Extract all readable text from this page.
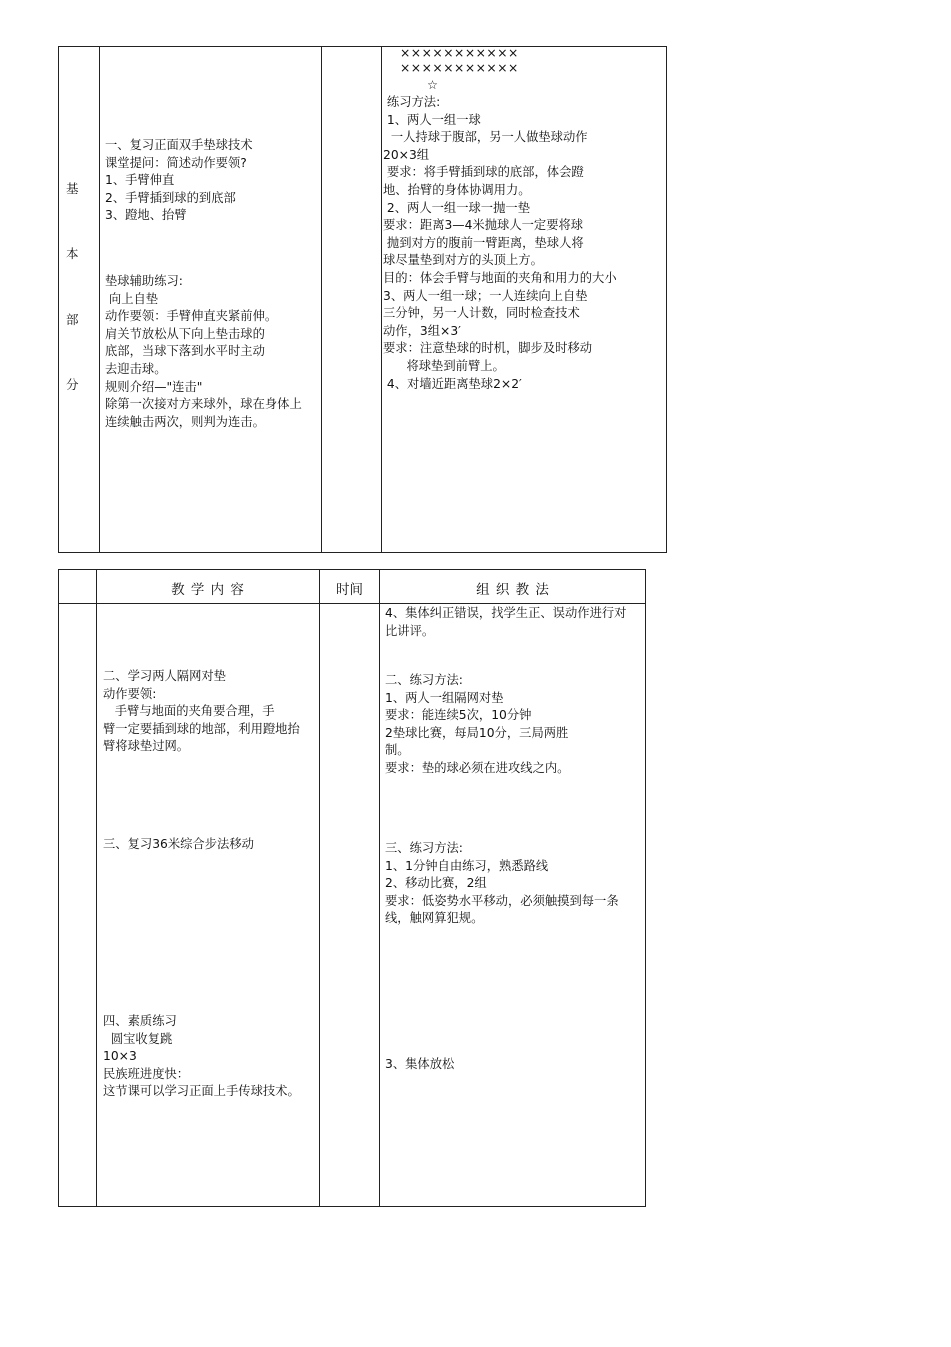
基
本
部
分
一、复习正面双手垫球技术
课堂提问：简述动作要领?
1、手臂伸直
2、手臂插到球的到底部
3、蹬地、抬臂
垫球辅助练习:
向上自垫
动作要领：手臂伸直夹紧前伸。
肩关节放松从下向上垫击球的
底部，当球下落到水平时主动
去迎击球。
规则介绍—"连击"
除第一次接对方来球外，球在身体上
连续触击两次，则判为连击。
×××××××××××
×××××××××××
☆
练习方法:
1、两人一组一球
一人持球于腹部，另一人做垫球动作
20×3组
要求：将手臂插到球的底部，体会蹬
地、抬臂的身体协调用力。
2、两人一组一球一抛一垫
要求：距离3—4米抛球人一定要将球
抛到对方的腹前一臂距离，垫球人将
球尽量垫到对方的头顶上方。
目的：体会手臂与地面的夹角和用力的大小
3、两人一组一球；一人连续向上自垫
三分钟，另一人计数，同时检查技术
动作，3组×3′
要求：注意垫球的时机，脚步及时移动
将球垫到前臂上。
4、对墙近距离垫球2×2′
教 学 内 容	时间	组 织 教 法
二、学习两人隔网对垫
动作要领:
手臂与地面的夹角要合理，手
臂一定要插到球的地部，利用蹬地抬
臂将球垫过网。
三、复习36米综合步法移动
四、素质练习
圆宝收复跳
10×3
民族班进度快：
这节课可以学习正面上手传球技术。
4、集体纠正错误，找学生正、误动作进行对
比讲评。
二、练习方法:
1、两人一组隔网对垫
要求：能连续5次，10分钟
2垫球比赛，每局10分，三局两胜
制。
要求：垫的球必须在进攻线之内。
三、练习方法:
1、1分钟自由练习，熟悉路线
2、移动比赛，2组
要求：低姿势水平移动，必须触摸到每一条
线，触网算犯规。
3、集体放松
